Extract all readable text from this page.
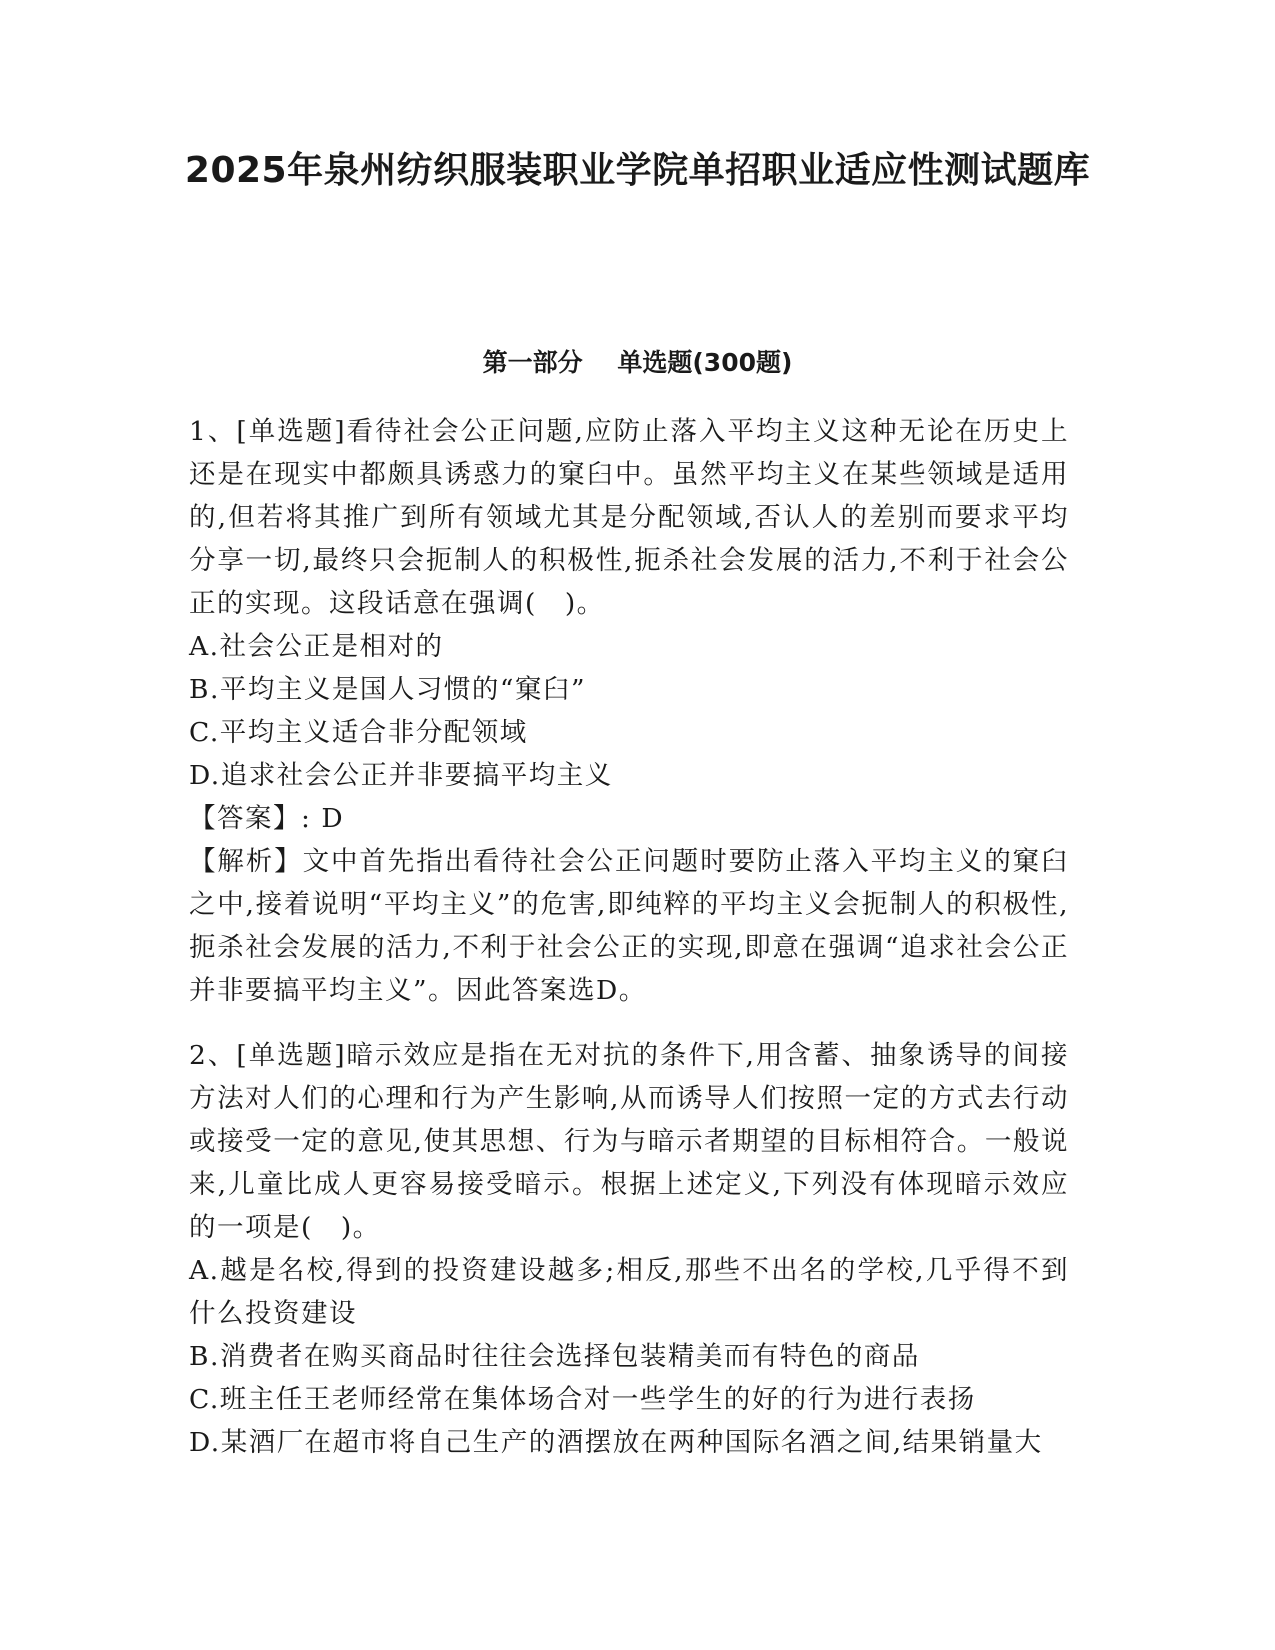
2025年泉州纺织服装职业学院单招职业适应性测试题库
第一部分    单选题(300题)

1、[单选题]看待社会公正问题,应防止落入平均主义这种无论在历史上还是在现实中都颇具诱惑力的窠臼中。虽然平均主义在某些领域是适用的,但若将其推广到所有领域尤其是分配领域,否认人的差别而要求平均分享一切,最终只会扼制人的积极性,扼杀社会发展的活力,不利于社会公正的实现。这段话意在强调(　)。

A.社会公正是相对的

B.平均主义是国人习惯的“窠臼”

C.平均主义适合非分配领域

D.追求社会公正并非要搞平均主义

【答案】: D

【解析】文中首先指出看待社会公正问题时要防止落入平均主义的窠臼之中,接着说明“平均主义”的危害,即纯粹的平均主义会扼制人的积极性,扼杀社会发展的活力,不利于社会公正的实现,即意在强调“追求社会公正并非要搞平均主义”。因此答案选D。

2、[单选题]暗示效应是指在无对抗的条件下,用含蓄、抽象诱导的间接方法对人们的心理和行为产生影响,从而诱导人们按照一定的方式去行动或接受一定的意见,使其思想、行为与暗示者期望的目标相符合。一般说来,儿童比成人更容易接受暗示。根据上述定义,下列没有体现暗示效应的一项是(　)。

A.越是名校,得到的投资建设越多;相反,那些不出名的学校,几乎得不到什么投资建设

B.消费者在购买商品时往往会选择包装精美而有特色的商品

C.班主任王老师经常在集体场合对一些学生的好的行为进行表扬

D.某酒厂在超市将自己生产的酒摆放在两种国际名酒之间,结果销量大
